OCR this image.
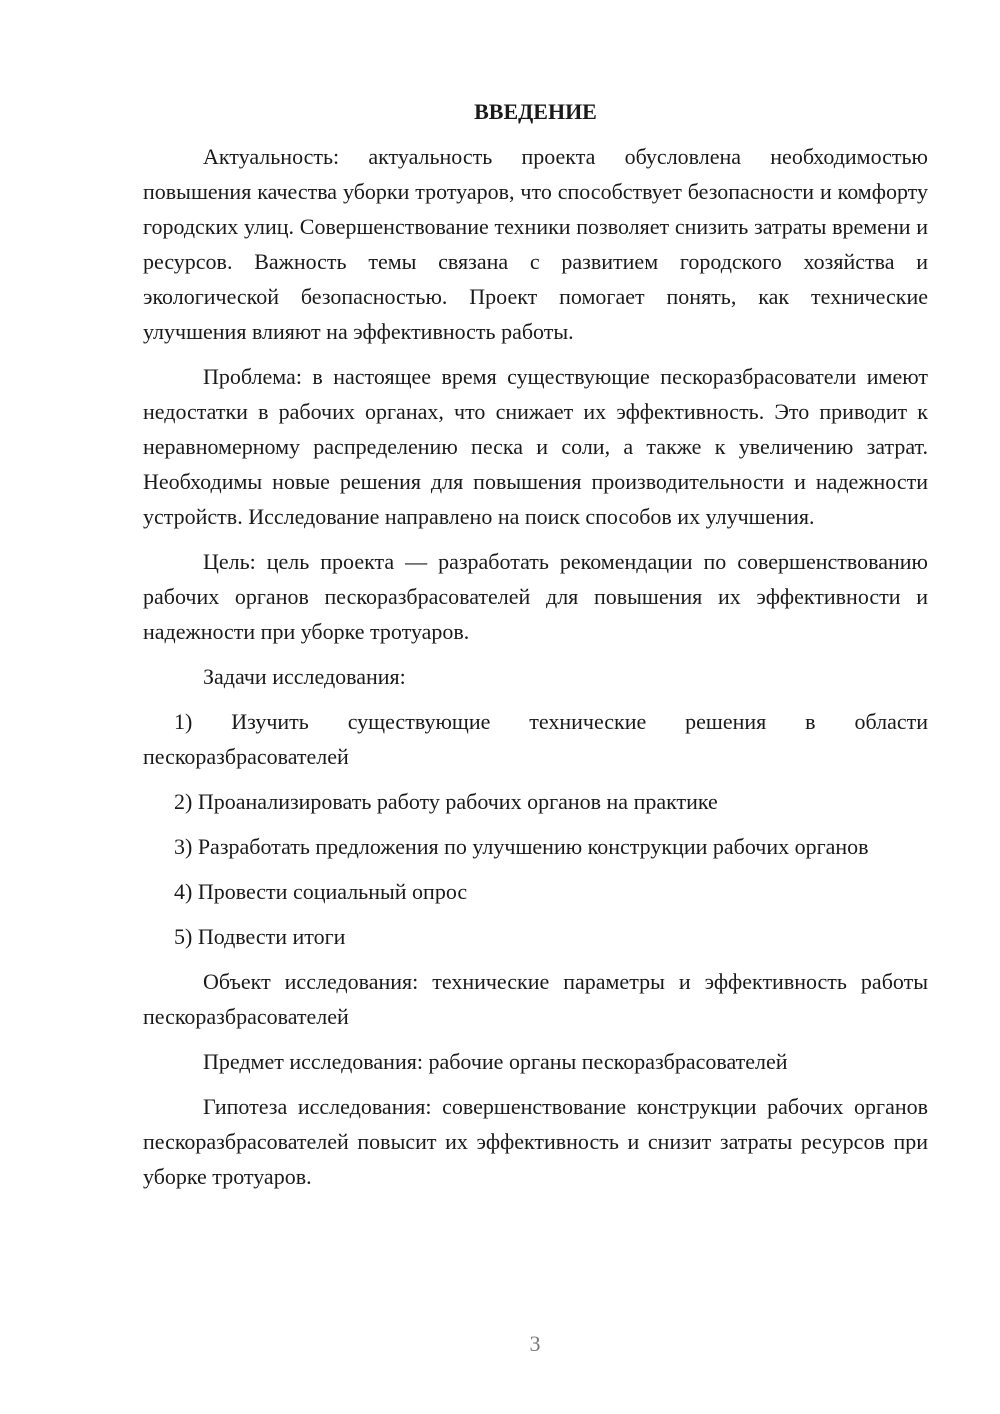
ВВЕДЕНИЕ

Актуальность: актуальность проекта обусловлена необходимостью повышения качества уборки тротуаров, что способствует безопасности и комфорту городских улиц. Совершенствование техники позволяет снизить затраты времени и ресурсов. Важность темы связана с развитием городского хозяйства и экологической безопасностью. Проект помогает понять, как технические улучшения влияют на эффективность работы.

Проблема: в настоящее время существующие пескоразбрасователи имеют недостатки в рабочих органах, что снижает их эффективность. Это приводит к неравномерному распределению песка и соли, а также к увеличению затрат. Необходимы новые решения для повышения производительности и надежности устройств. Исследование направлено на поиск способов их улучшения.

Цель: цель проекта — разработать рекомендации по совершенствованию рабочих органов пескоразбрасователей для повышения их эффективности и надежности при уборке тротуаров.

Задачи исследования:

1) Изучить существующие технические решения в области пескоразбрасователей

2) Проанализировать работу рабочих органов на практике

3) Разработать предложения по улучшению конструкции рабочих органов

4) Провести социальный опрос

5) Подвести итоги

Объект исследования: технические параметры и эффективность работы пескоразбрасователей

Предмет исследования: рабочие органы пескоразбрасователей

Гипотеза исследования: совершенствование конструкции рабочих органов пескоразбрасователей повысит их эффективность и снизит затраты ресурсов при уборке тротуаров.

3
